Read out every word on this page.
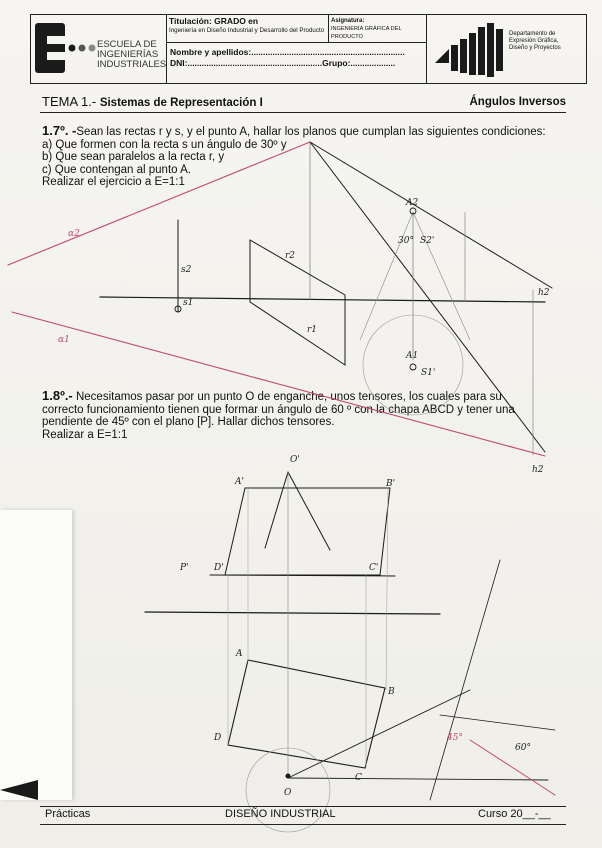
ESCUELA DE
INGENIERÍAS
INDUSTRIALES
Titulación: GRADO en
Ingeniería en Diseño Industrial y Desarrollo del Producto
Asignatura:
INGENIERÍA GRÁFICA DEL PRODUCTO
Nombre y apellidos:.................................................................
DNI:.........................................................Grupo:...................
Departamento de
Expresión Gráfica,
Diseño y Proyectos
TEMA 1.- Sistemas de Representación I	Ángulos Inversos
1.7º. -Sean las rectas r y s, y el punto A, hallar los planos que cumplan las siguientes condiciones:
a) Que formen con la recta s un ángulo de 30º y
b) Que sean paralelos a la recta r, y
c) Que contengan al punto A.
Realizar el ejercicio a E=1:1
1.8º.- Necesitamos pasar por un punto O de enganche, unos tensores, los cuales para su
correcto funcionamiento tienen que formar un ángulo de 60 º con la chapa ABCD y tener una
pendiente de 45º con el plano [P]. Hallar dichos tensores.
Realizar a E=1:1
α2
α1
s2
s1
r2
r1
A2
A1
30° S2'
S1'
h2
h2
O'
A'	B'
D'	C'
P'
A
B
C
D
O
45°
60°
Prácticas	DISEÑO INDUSTRIAL	Curso 20__-__
